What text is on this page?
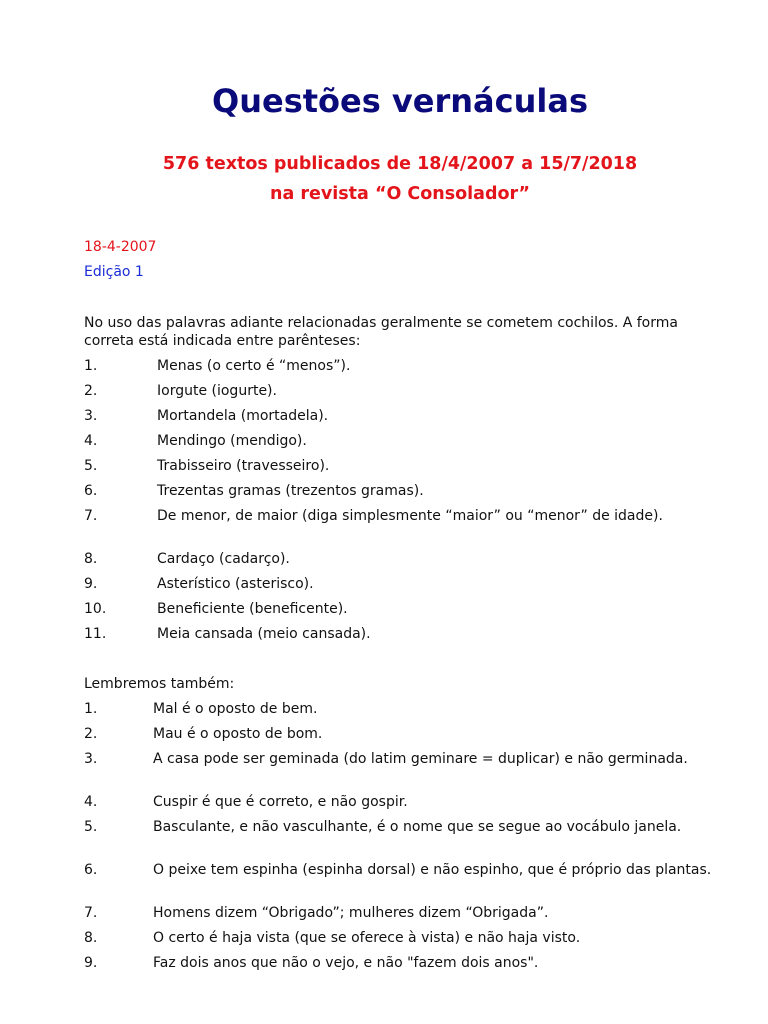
Questões vernáculas

576 textos publicados de 18/4/2007 a 15/7/2018

na revista “O Consolador”

18-4-2007
Edição 1
No uso das palavras adiante relacionadas geralmente se cometem cochilos. A forma correta está indicada entre parênteses:
1.	Menas (o certo é “menos”).
2.	Iorgute (iogurte).
3.	Mortandela (mortadela).
4.	Mendingo (mendigo).
5.	Trabisseiro (travesseiro).
6.	Trezentas gramas (trezentos gramas).
7.	De menor, de maior (diga simplesmente “maior” ou “menor” de idade).
8.	Cardaço (cadarço).
9.	Asterístico (asterisco).
10.	Beneficiente (beneficente).
11.	Meia cansada (meio cansada).
Lembremos também:
1.	Mal é o oposto de bem.
2.	Mau é o oposto de bom.
3.	A casa pode ser geminada (do latim geminare = duplicar) e não germinada.
4.	Cuspir é que é correto, e não gospir.
5.	Basculante, e não vasculhante, é o nome que se segue ao vocábulo janela.
6.	O peixe tem espinha (espinha dorsal) e não espinho, que é próprio das plantas.
7.	Homens dizem “Obrigado”; mulheres dizem “Obrigada”.
8.	O certo é haja vista (que se oferece à vista) e não haja visto.
9.	Faz dois anos que não o vejo, e não "fazem dois anos".
